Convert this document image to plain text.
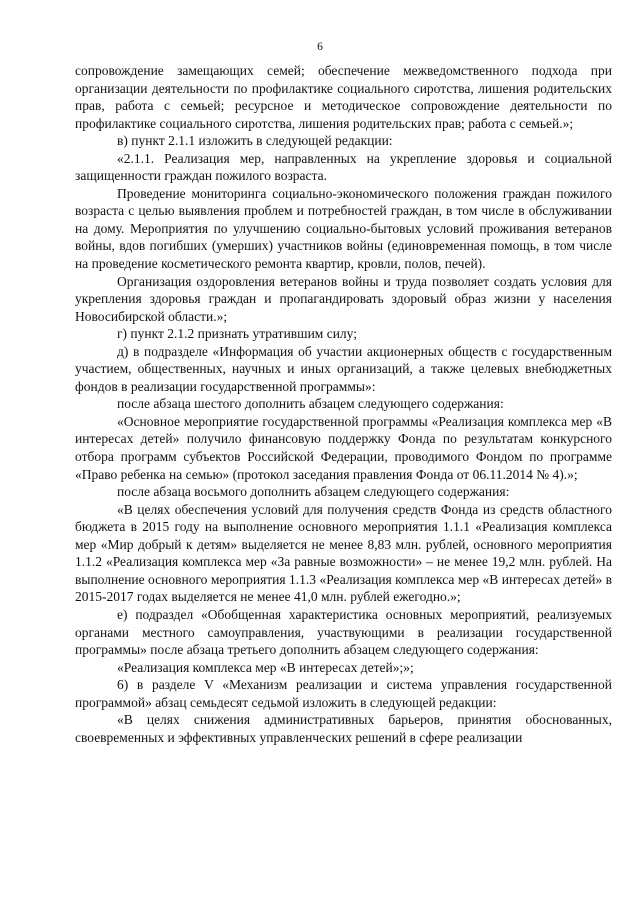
6

сопровождение замещающих семей; обеспечение межведомственного подхода при организации деятельности по профилактике социального сиротства, лишения родительских прав, работа с семьей; ресурсное и методическое сопровождение деятельности по профилактике социального сиротства, лишения родительских прав; работа с семьей.»;

в) пункт 2.1.1 изложить в следующей редакции:

«2.1.1. Реализация мер, направленных на укрепление здоровья и социальной защищенности граждан пожилого возраста.

Проведение мониторинга социально-экономического положения граждан пожилого возраста с целью выявления проблем и потребностей граждан, в том числе в обслуживании на дому. Мероприятия по улучшению социально-бытовых условий проживания ветеранов войны, вдов погибших (умерших) участников войны (единовременная помощь, в том числе на проведение косметического ремонта квартир, кровли, полов, печей).

Организация оздоровления ветеранов войны и труда позволяет создать условия для укрепления здоровья граждан и пропагандировать здоровый образ жизни у населения Новосибирской области.»;

г) пункт 2.1.2 признать утратившим силу;

д) в подразделе «Информация об участии акционерных обществ с государственным участием, общественных, научных и иных организаций, а также целевых внебюджетных фондов в реализации государственной программы»:

после абзаца шестого дополнить абзацем следующего содержания:

«Основное мероприятие государственной программы «Реализация комплекса мер «В интересах детей» получило финансовую поддержку Фонда по результатам конкурсного отбора программ субъектов Российской Федерации, проводимого Фондом по программе «Право ребенка на семью» (протокол заседания правления Фонда от 06.11.2014 № 4).»;

после абзаца восьмого дополнить абзацем следующего содержания:

«В целях обеспечения условий для получения средств Фонда из средств областного бюджета в 2015 году на выполнение основного мероприятия 1.1.1 «Реализация комплекса мер «Мир добрый к детям» выделяется не менее 8,83 млн. рублей, основного мероприятия 1.1.2 «Реализация комплекса мер «За равные возможности» – не менее 19,2 млн. рублей. На выполнение основного мероприятия 1.1.3 «Реализация комплекса мер «В интересах детей» в 2015-2017 годах выделяется не менее 41,0 млн. рублей ежегодно.»;

е) подраздел «Обобщенная характеристика основных мероприятий, реализуемых органами местного самоуправления, участвующими в реализации государственной программы» после абзаца третьего дополнить абзацем следующего содержания:

«Реализация комплекса мер «В интересах детей»;»;

6) в разделе V «Механизм реализации и система управления государственной программой» абзац семьдесят седьмой изложить в следующей редакции:

«В целях снижения административных барьеров, принятия обоснованных, своевременных и эффективных управленческих решений в сфере реализации
